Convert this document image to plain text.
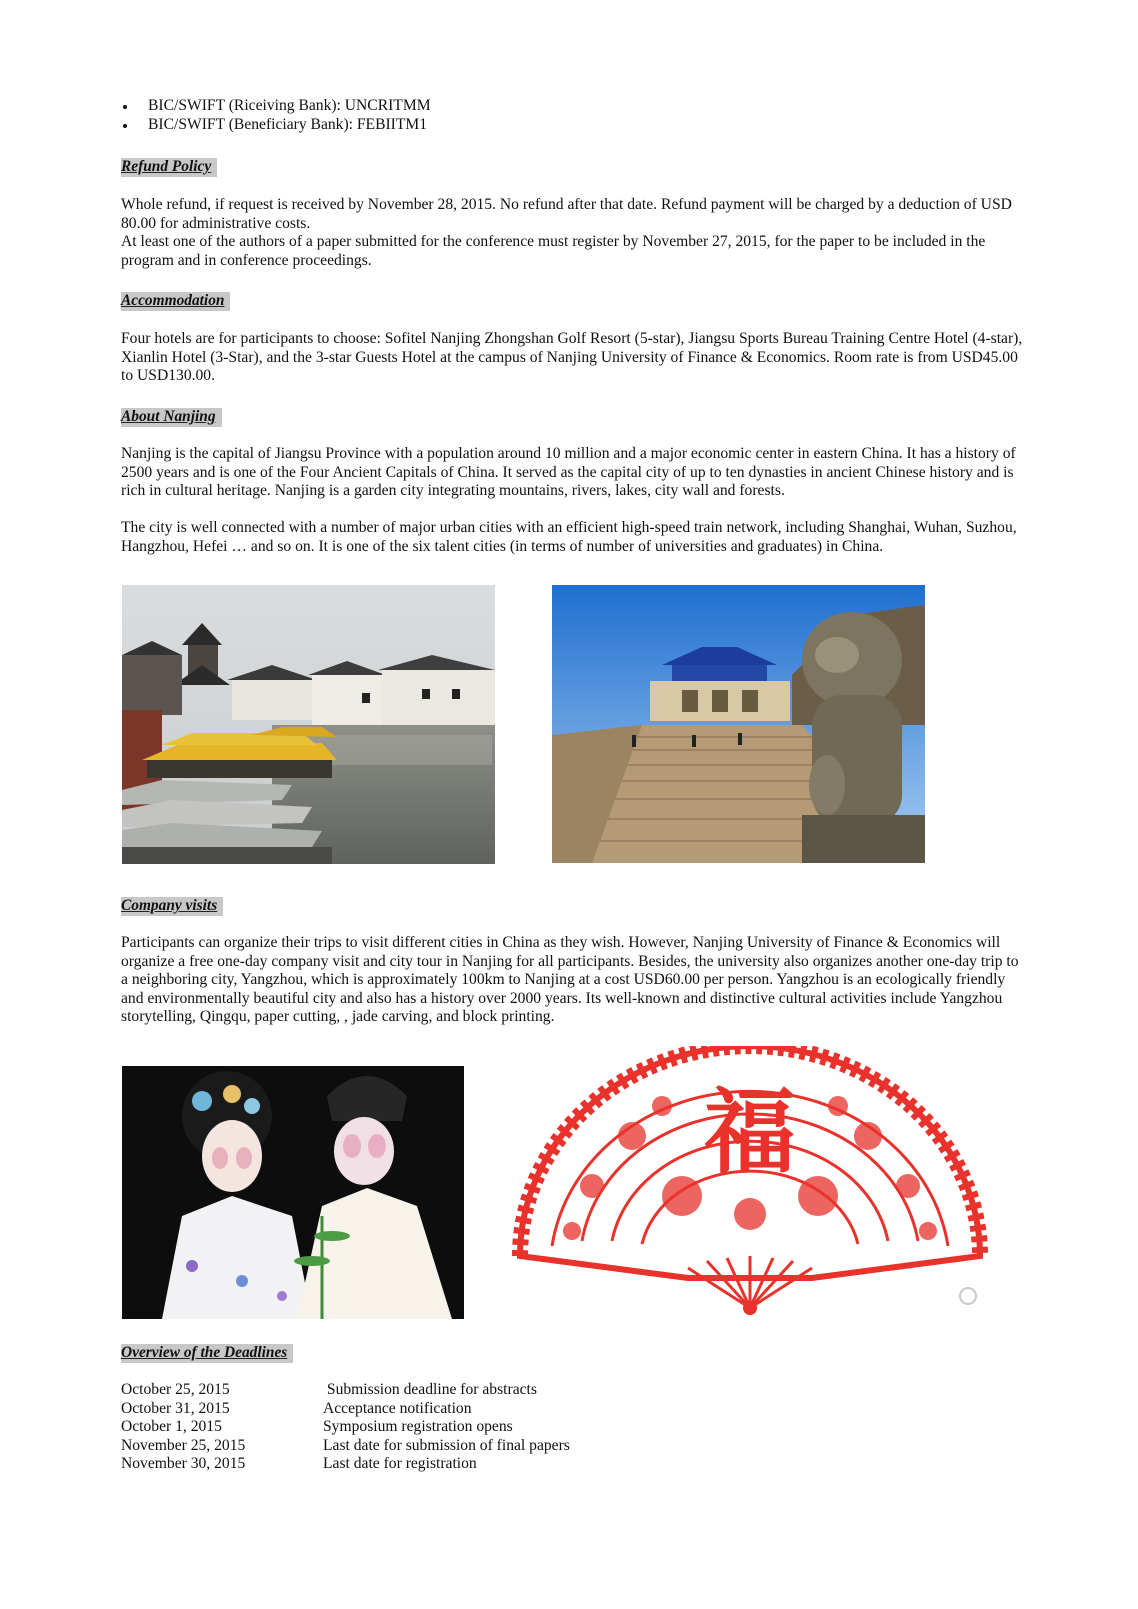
BIC/SWIFT (Riceiving Bank): UNCRITMM
BIC/SWIFT (Beneficiary Bank): FEBIITM1
Refund Policy

Whole refund, if request is received by November 28, 2015. No refund after that date. Refund payment will be charged by a deduction of USD 80.00 for administrative costs.

At least one of the authors of a paper submitted for the conference must register by November 27, 2015, for the paper to be included in the program and in conference proceedings.

Accommodation

Four hotels are for participants to choose: Sofitel Nanjing Zhongshan Golf Resort (5-star), Jiangsu Sports Bureau Training Centre Hotel (4-star), Xianlin Hotel (3-Star), and the 3-star Guests Hotel at the campus of Nanjing University of Finance & Economics. Room rate is from USD45.00 to USD130.00.

About Nanjing

Nanjing is the capital of Jiangsu Province with a population around 10 million and a major economic center in eastern China. It has a history of 2500 years and is one of the Four Ancient Capitals of China. It served as the capital city of up to ten dynasties in ancient Chinese history and is rich in cultural heritage. Nanjing is a garden city integrating mountains, rivers, lakes, city wall and forests.

The city is well connected with a number of major urban cities with an efficient high-speed train network, including Shanghai, Wuhan, Suzhou, Hangzhou, Hefei … and so on. It is one of the six talent cities (in terms of number of universities and graduates) in China.

Company visits

Participants can organize their trips to visit different cities in China as they wish. However, Nanjing University of Finance & Economics will organize a free one-day company visit and city tour in Nanjing for all participants. Besides, the university also organizes another one-day trip to a neighboring city, Yangzhou, which is approximately 100km to Nanjing at a cost USD60.00 per person. Yangzhou is an ecologically friendly and environmentally beautiful city and also has a history over 2000 years. Its well-known and distinctive cultural activities include Yangzhou storytelling, Qingqu, paper cutting, , jade carving, and block printing.

福
Overview of the Deadlines
October 25, 2015	Submission deadline for abstracts
October 31, 2015	Acceptance notification
October 1, 2015	Symposium registration opens
November 25, 2015	Last date for submission of final papers
November 30, 2015	Last date for registration
